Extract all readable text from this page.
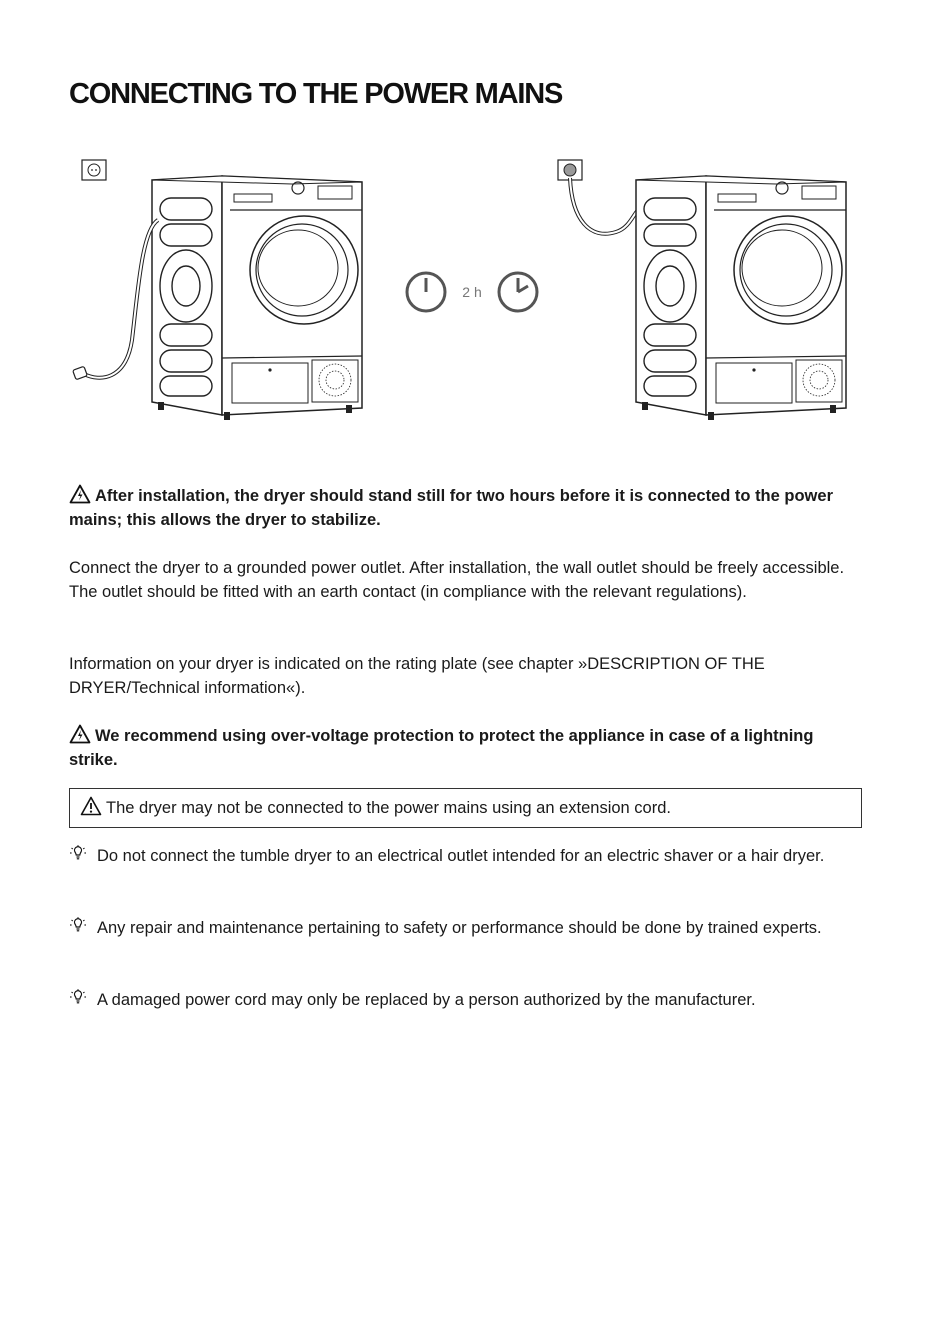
CONNECTING TO THE POWER MAINS
2 h

After installation, the dryer should stand still for two hours before it is connected to the power mains; this allows the dryer to stabilize.

Connect the dryer to a grounded power outlet. After installation, the wall outlet should be freely accessible. The outlet should be fitted with an earth contact (in compliance with the relevant regulations).

Information on your dryer is indicated on the rating plate (see chapter »DESCRIPTION OF THE DRYER/Technical information«).

We recommend using over-voltage protection to protect the appliance in case of a lightning strike.

The dryer may not be connected to the power mains using an extension cord.

Do not connect the tumble dryer to an electrical outlet intended for an electric shaver or a hair dryer.

Any repair and maintenance pertaining to safety or performance should be done by trained experts.

A damaged power cord may only be replaced by a person authorized by the manufacturer.
